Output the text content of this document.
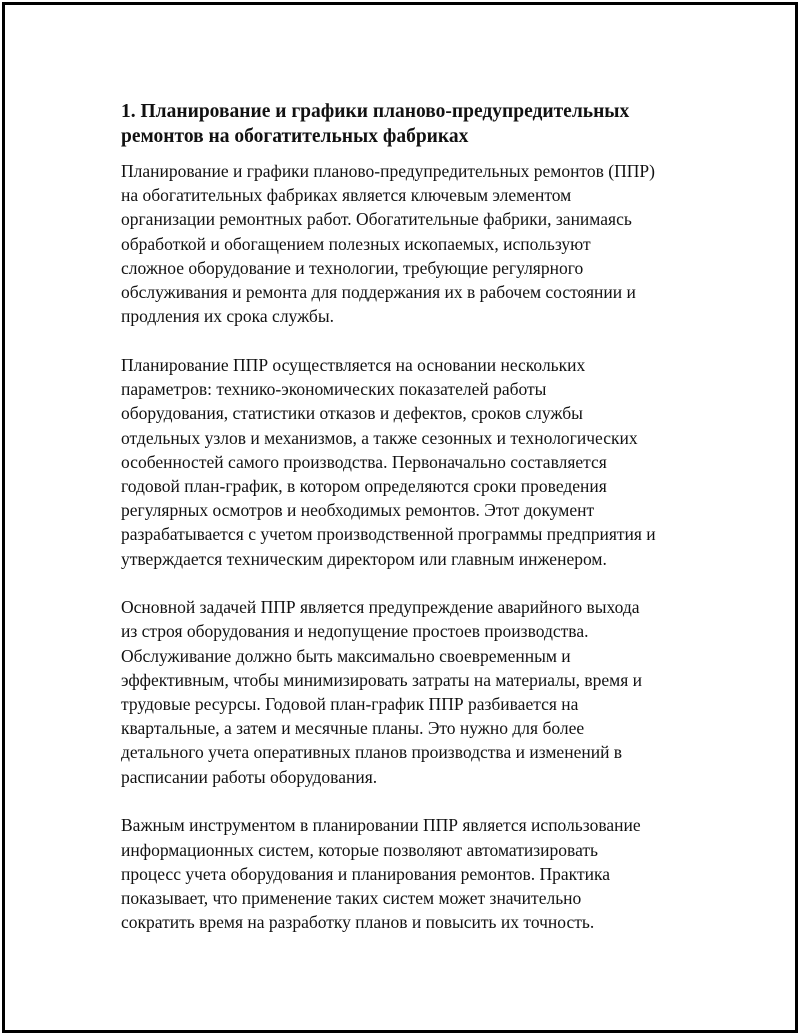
1. Планирование и графики планово-предупредительных
ремонтов на обогатительных фабриках

Планирование и графики планово-предупредительных ремонтов (ППР)
на обогатительных фабриках является ключевым элементом
организации ремонтных работ. Обогатительные фабрики, занимаясь
обработкой и обогащением полезных ископаемых, используют
сложное оборудование и технологии, требующие регулярного
обслуживания и ремонта для поддержания их в рабочем состоянии и
продления их срока службы.

Планирование ППР осуществляется на основании нескольких
параметров: технико-экономических показателей работы
оборудования, статистики отказов и дефектов, сроков службы
отдельных узлов и механизмов, а также сезонных и технологических
особенностей самого производства. Первоначально составляется
годовой план-график, в котором определяются сроки проведения
регулярных осмотров и необходимых ремонтов. Этот документ
разрабатывается с учетом производственной программы предприятия и
утверждается техническим директором или главным инженером.

Основной задачей ППР является предупреждение аварийного выхода
из строя оборудования и недопущение простоев производства.
Обслуживание должно быть максимально своевременным и
эффективным, чтобы минимизировать затраты на материалы, время и
трудовые ресурсы. Годовой план-график ППР разбивается на
квартальные, а затем и месячные планы. Это нужно для более
детального учета оперативных планов производства и изменений в
расписании работы оборудования.

Важным инструментом в планировании ППР является использование
информационных систем, которые позволяют автоматизировать
процесс учета оборудования и планирования ремонтов. Практика
показывает, что применение таких систем может значительно
сократить время на разработку планов и повысить их точность.
